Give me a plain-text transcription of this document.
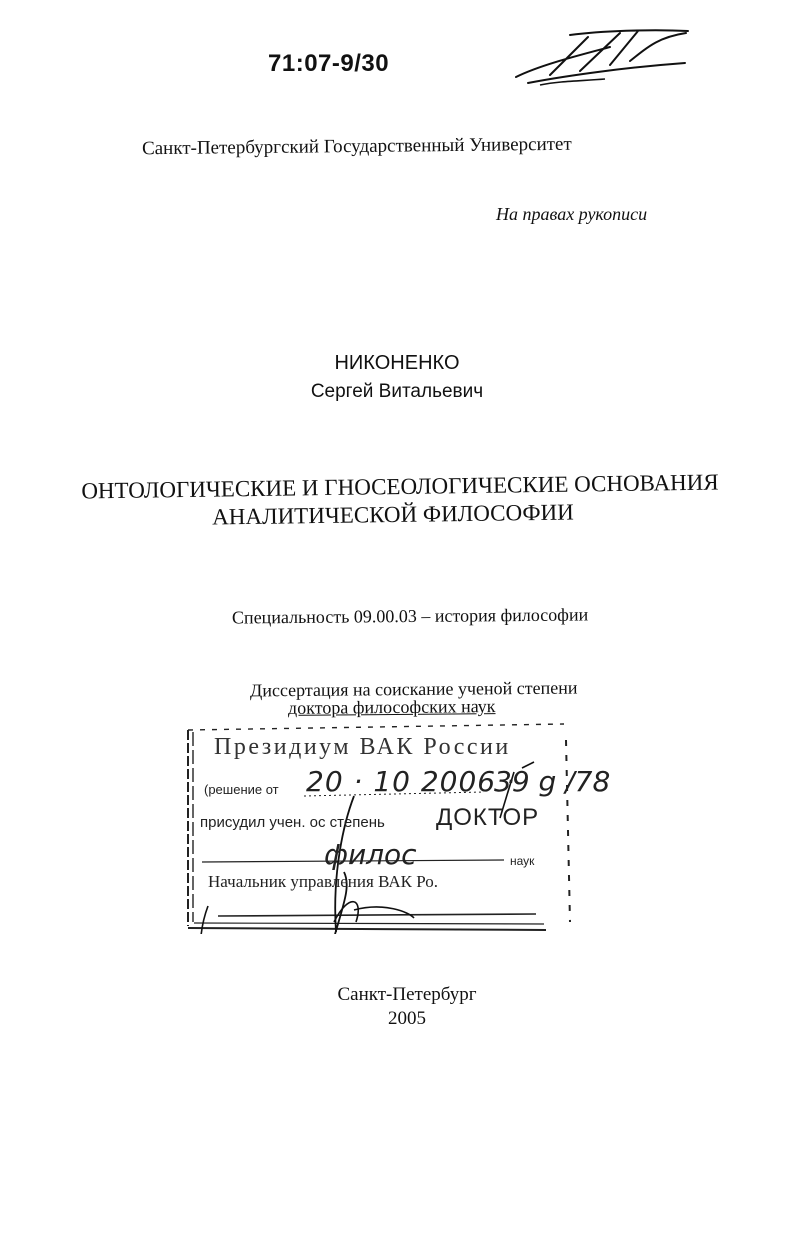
71:07-9/30
Санкт-Петербургский Государственный Университет
На правах рукописи
НИКОНЕНКО
Сергей Витальевич
ОНТОЛОГИЧЕСКИЕ И ГНОСЕОЛОГИЧЕСКИЕ ОСНОВАНИЯ
АНАЛИТИЧЕСКОЙ ФИЛОСОФИИ
Специальность 09.00.03 – история философии
Диссертация на соискание ученой степени
доктора философских наук
Президиум ВАК России
(решение от 20 · 10 2006 ·
39 g /78
присудил учен. ос степень ДОКТОР
филос	наук
Начальник управления ВАК Ро.
Санкт-Петербург
2005
